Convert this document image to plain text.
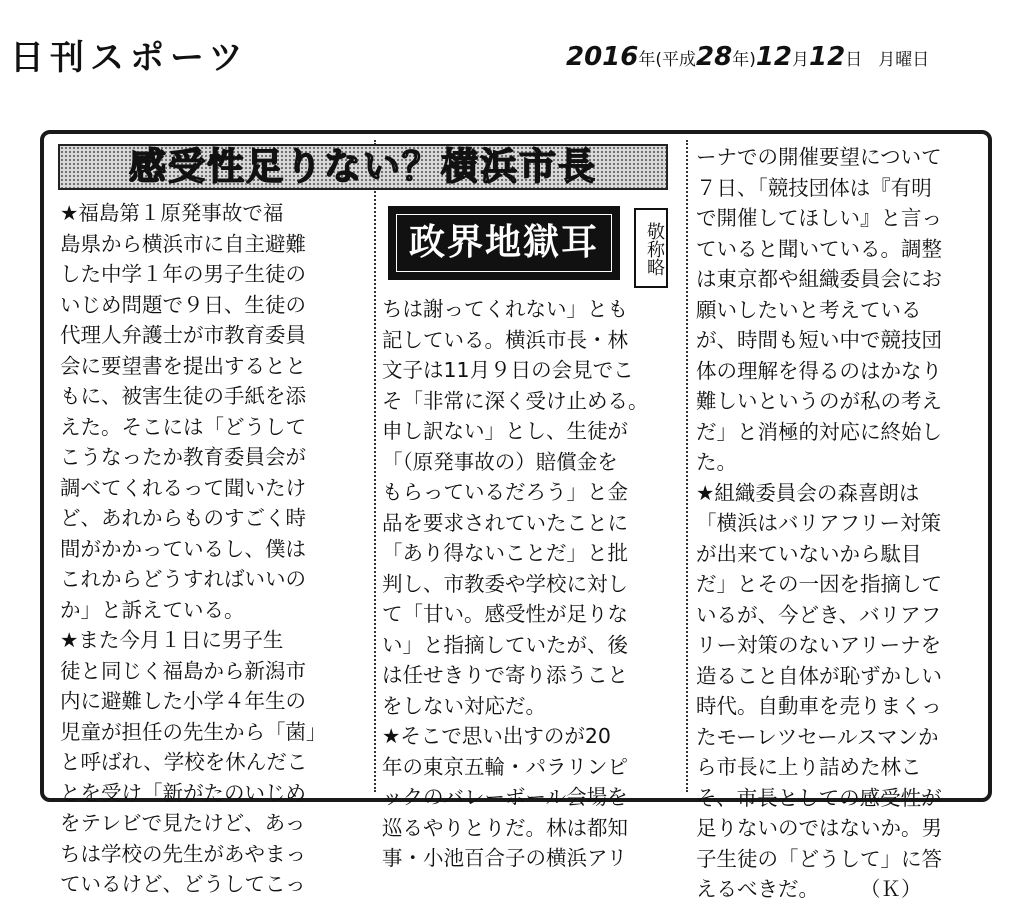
日刊スポーツ	2016年(平成28年)12月12日 月曜日
感受性足りない？横浜市長
政界地獄耳	敬称略

★福島第１原発事故で福

島県から横浜市に自主避難

した中学１年の男子生徒の

いじめ問題で９日、生徒の

代理人弁護士が市教育委員

会に要望書を提出するとと

もに、被害生徒の手紙を添

えた。そこには「どうして

こうなったか教育委員会が

調べてくれるって聞いたけ

ど、あれからものすごく時

間がかかっているし、僕は

これからどうすればいいの

か」と訴えている。

★また今月１日に男子生

徒と同じく福島から新潟市

内に避難した小学４年生の

児童が担任の先生から「菌」

と呼ばれ、学校を休んだこ

とを受け「新がたのいじめ

をテレビで見たけど、あっ

ちは学校の先生があやまっ

ているけど、どうしてこっ

ちは謝ってくれない」とも

記している。横浜市長・林

文子は11月９日の会見でこ

そ「非常に深く受け止める。

申し訳ない」とし、生徒が

「（原発事故の）賠償金を

もらっているだろう」と金

品を要求されていたことに

「あり得ないことだ」と批

判し、市教委や学校に対し

て「甘い。感受性が足りな

い」と指摘していたが、後

は任せきりで寄り添うこと

をしない対応だ。

★そこで思い出すのが20

年の東京五輪・パラリンピ

ックのバレーボール会場を

巡るやりとりだ。林は都知

事・小池百合子の横浜アリ

ーナでの開催要望について

７日、「競技団体は『有明

で開催してほしい』と言っ

ていると聞いている。調整

は東京都や組織委員会にお

願いしたいと考えている

が、時間も短い中で競技団

体の理解を得るのはかなり

難しいというのが私の考え

だ」と消極的対応に終始し

た。

★組織委員会の森喜朗は

「横浜はバリアフリー対策

が出来ていないから駄目

だ」とその一因を指摘して

いるが、今どき、バリアフ

リー対策のないアリーナを

造ること自体が恥ずかしい

時代。自動車を売りまくっ

たモーレツセールスマンか

ら市長に上り詰めた林こ

そ、市長としての感受性が

足りないのではないか。男

子生徒の「どうして」に答

えるべきだ。　　　（Ｋ）
